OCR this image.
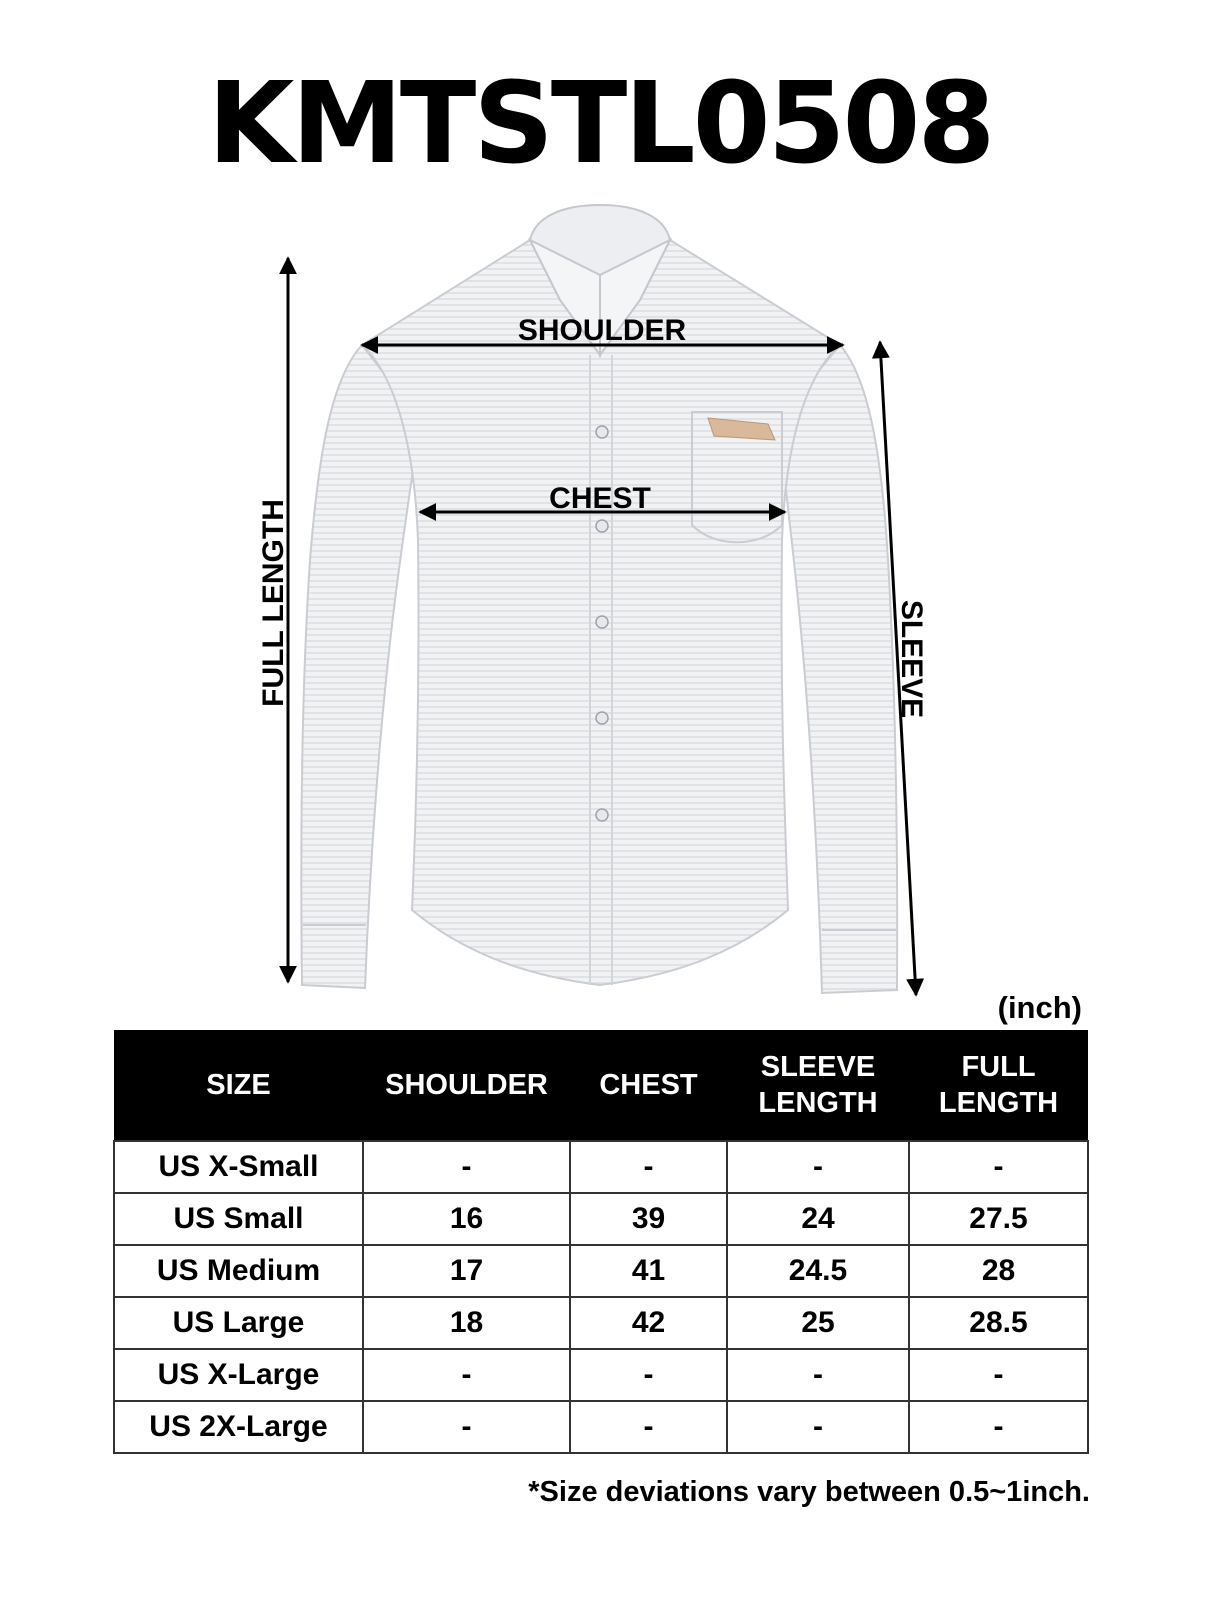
KMTSTL0508
SHOULDER
CHEST
FULL LENGTH	SLEEVE
(inch)
SIZE	SHOULDER	CHEST	SLEEVE LENGTH	FULL LENGTH
US X-Small	-	-	-	-
US Small	16	39	24	27.5
US Medium	17	41	24.5	28
US Large	18	42	25	28.5
US X-Large	-	-	-	-
US 2X-Large	-	-	-	-
*Size deviations vary between 0.5~1inch.
